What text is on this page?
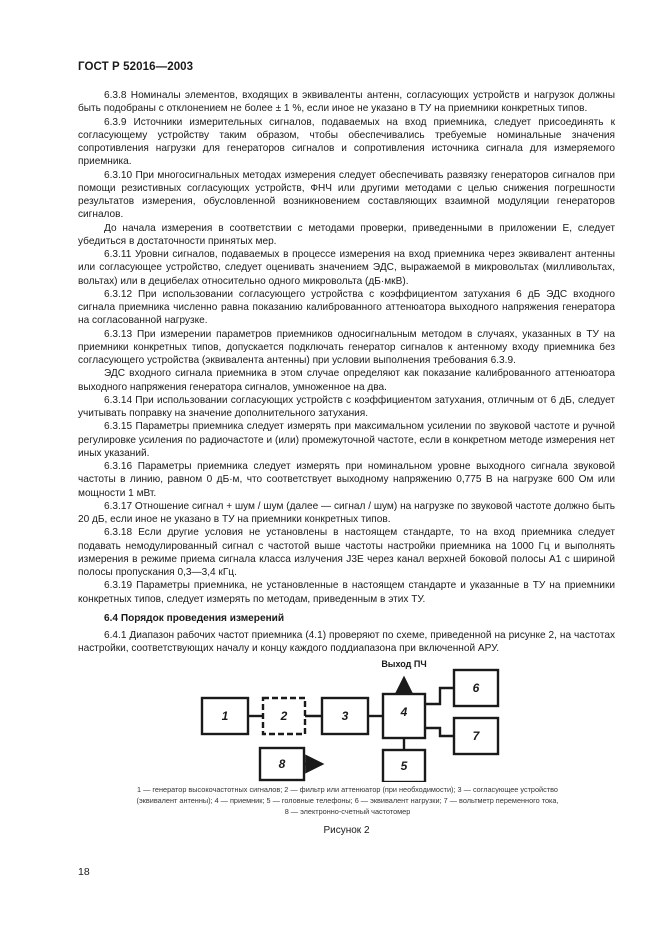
ГОСТ Р 52016—2003

6.3.8 Номиналы элементов, входящих в эквиваленты антенн, согласующих устройств и нагрузок должны быть подобраны с отклонением не более ± 1 %, если иное не указано в ТУ на приемники конкретных типов.

6.3.9 Источники измерительных сигналов, подаваемых на вход приемника, следует присоединять к согласующему устройству таким образом, чтобы обеспечивались требуемые номинальные значения сопротивления нагрузки для генераторов сигналов и сопротивления источника сигнала для измеряемого приемника.

6.3.10 При многосигнальных методах измерения следует обеспечивать развязку генераторов сигналов при помощи резистивных согласующих устройств, ФНЧ или другими методами с целью снижения погрешности результатов измерения, обусловленной возникновением составляющих взаимной модуляции генераторов сигналов.

До начала измерения в соответствии с методами проверки, приведенными в приложении Е, следует убедиться в достаточности принятых мер.

6.3.11 Уровни сигналов, подаваемых в процессе измерения на вход приемника через эквивалент антенны или согласующее устройство, следует оценивать значением ЭДС, выражаемой в микровольтах (милливольтах, вольтах) или в децибелах относительно одного микровольта (дБ·мкВ).

6.3.12 При использовании согласующего устройства с коэффициентом затухания 6 дБ ЭДС входного сигнала приемника численно равна показанию калиброванного аттенюатора выходного напряжения генератора на согласованной нагрузке.

6.3.13 При измерении параметров приемников односигнальным методом в случаях, указанных в ТУ на приемники конкретных типов, допускается подключать генератор сигналов к антенному входу приемника без согласующего устройства (эквивалента антенны) при условии выполнения требования 6.3.9.

ЭДС входного сигнала приемника в этом случае определяют как показание калиброванного аттенюатора выходного напряжения генератора сигналов, умноженное на два.

6.3.14 При использовании согласующих устройств с коэффициентом затухания, отличным от 6 дБ, следует учитывать поправку на значение дополнительного затухания.

6.3.15 Параметры приемника следует измерять при максимальном усилении по звуковой частоте и ручной регулировке усиления по радиочастоте и (или) промежуточной частоте, если в конкретном методе измерения нет иных указаний.

6.3.16 Параметры приемника следует измерять при номинальном уровне выходного сигнала звуковой частоты в линию, равном 0 дБ·м, что соответствует выходному напряжению 0,775 В на нагрузке 600 Ом или мощности 1 мВт.

6.3.17 Отношение сигнал + шум / шум (далее — сигнал / шум) на нагрузке по звуковой частоте должно быть 20 дБ, если иное не указано в ТУ на приемники конкретных типов.

6.3.18 Если другие условия не установлены в настоящем стандарте, то на вход приемника следует подавать немодулированный сигнал с частотой выше частоты настройки приемника на 1000 Гц и выполнять измерения в режиме приема сигнала класса излучения J3E через канал верхней боковой полосы А1 с шириной полосы пропускания 0,3—3,4 кГц.

6.3.19 Параметры приемника, не установленные в настоящем стандарте и указанные в ТУ на приемники конкретных типов, следует измерять по методам, приведенным в этих ТУ.

6.4 Порядок проведения измерений

6.4.1 Диапазон рабочих частот приемника (4.1) проверяют по схеме, приведенной на рисунке 2, на частотах настройки, соответствующих началу и концу каждого поддиапазона при включенной АРУ.

1	2	3	4
5
6
7
8
Выход ПЧ
1 — генератор высокочастотных сигналов; 2 — фильтр или аттенюатор (при необходимости); 3 — согласующее устройство
(эквивалент антенны); 4 — приемник; 5 — головные телефоны; 6 — эквивалент нагрузки; 7 — вольтметр переменного тока,
8 — электронно-счетный частотомер
Рисунок 2
18
